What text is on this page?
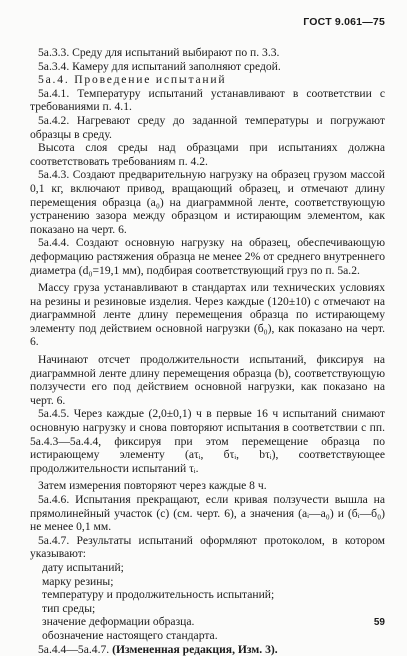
ГОСТ 9.061—75

5а.3.3. Среду для испытаний выбирают по п. 3.3.

5а.3.4. Камеру для испытаний заполняют средой.

5а.4. Проведение испытаний

5а.4.1. Температуру испытаний устанавливают в соответствии с требованиями п. 4.1.

5а.4.2. Нагревают среду до заданной температуры и погружают образцы в среду.

Высота слоя среды над образцами при испытаниях должна соответствовать требованиям п. 4.2.

5а.4.3. Создают предварительную нагрузку на образец грузом массой 0,1 кг, включают привод, вращающий образец, и отмечают длину перемещения образца (a₀) на диаграммной ленте, соответствующую устранению зазора между образцом и истирающим элементом, как показано на черт. 6.

5а.4.4. Создают основную нагрузку на образец, обеспечивающую деформацию растяжения образца не менее 2% от среднего внутреннего диаметра (d₀=19,1 мм), подбирая соответствующий груз по п. 5а.2.

Массу груза устанавливают в стандартах или технических условиях на резины и резиновые изделия. Через каждые (120±10) с отмечают на диаграммной ленте длину перемещения образца по истирающему элементу под действием основной нагрузки (б₀), как показано на черт. 6.

Начинают отсчет продолжительности испытаний, фиксируя на диаграммной ленте длину перемещения образца (b), соответствующую ползучести его под действием основной нагрузки, как показано на черт. 6.

5а.4.5. Через каждые (2,0±0,1) ч в первые 16 ч испытаний снимают основную нагрузку и снова повторяют испытания в соответствии с пп. 5а.4.3—5а.4.4, фиксируя при этом перемещение образца по истирающему элементу (aτᵢ, бτᵢ, bτᵢ), соответствующее продолжительности испытаний τᵢ.

Затем измерения повторяют через каждые 8 ч.

5а.4.6. Испытания прекращают, если кривая ползучести вышла на прямолинейный участок (c) (см. черт. 6), а значения (aᵢ—a₀) и (бᵢ—б₀) не менее 0,1 мм.

5а.4.7. Результаты испытаний оформляют протоколом, в котором указывают:

дату испытаний;
марку резины;
температуру и продолжительность испытаний;
тип среды;
значение деформации образца.
обозначение настоящего стандарта.

5а.4.4—5а.4.7. (Измененная редакция, Изм. 3).

59
